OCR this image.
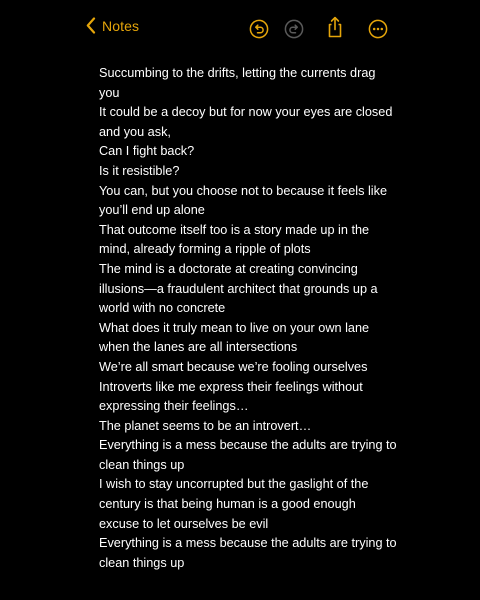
Notes

Succumbing to the drifts, letting the currents drag you

It could be a decoy but for now your eyes are closed and you ask,

Can I fight back?

Is it resistible?

You can, but you choose not to because it feels like you’ll end up alone

That outcome itself too is a story made up in the mind, already forming a ripple of plots

The mind is a doctorate at creating convincing illusions—a fraudulent architect that grounds up a world with no concrete

What does it truly mean to live on your own lane when the lanes are all intersections

We’re all smart because we’re fooling ourselves

Introverts like me express their feelings without expressing their feelings…

The planet seems to be an introvert…

Everything is a mess because the adults are trying to clean things up

I wish to stay uncorrupted but the gaslight of the century is that being human is a good enough excuse to let ourselves be evil

Everything is a mess because the adults are trying to clean things up
